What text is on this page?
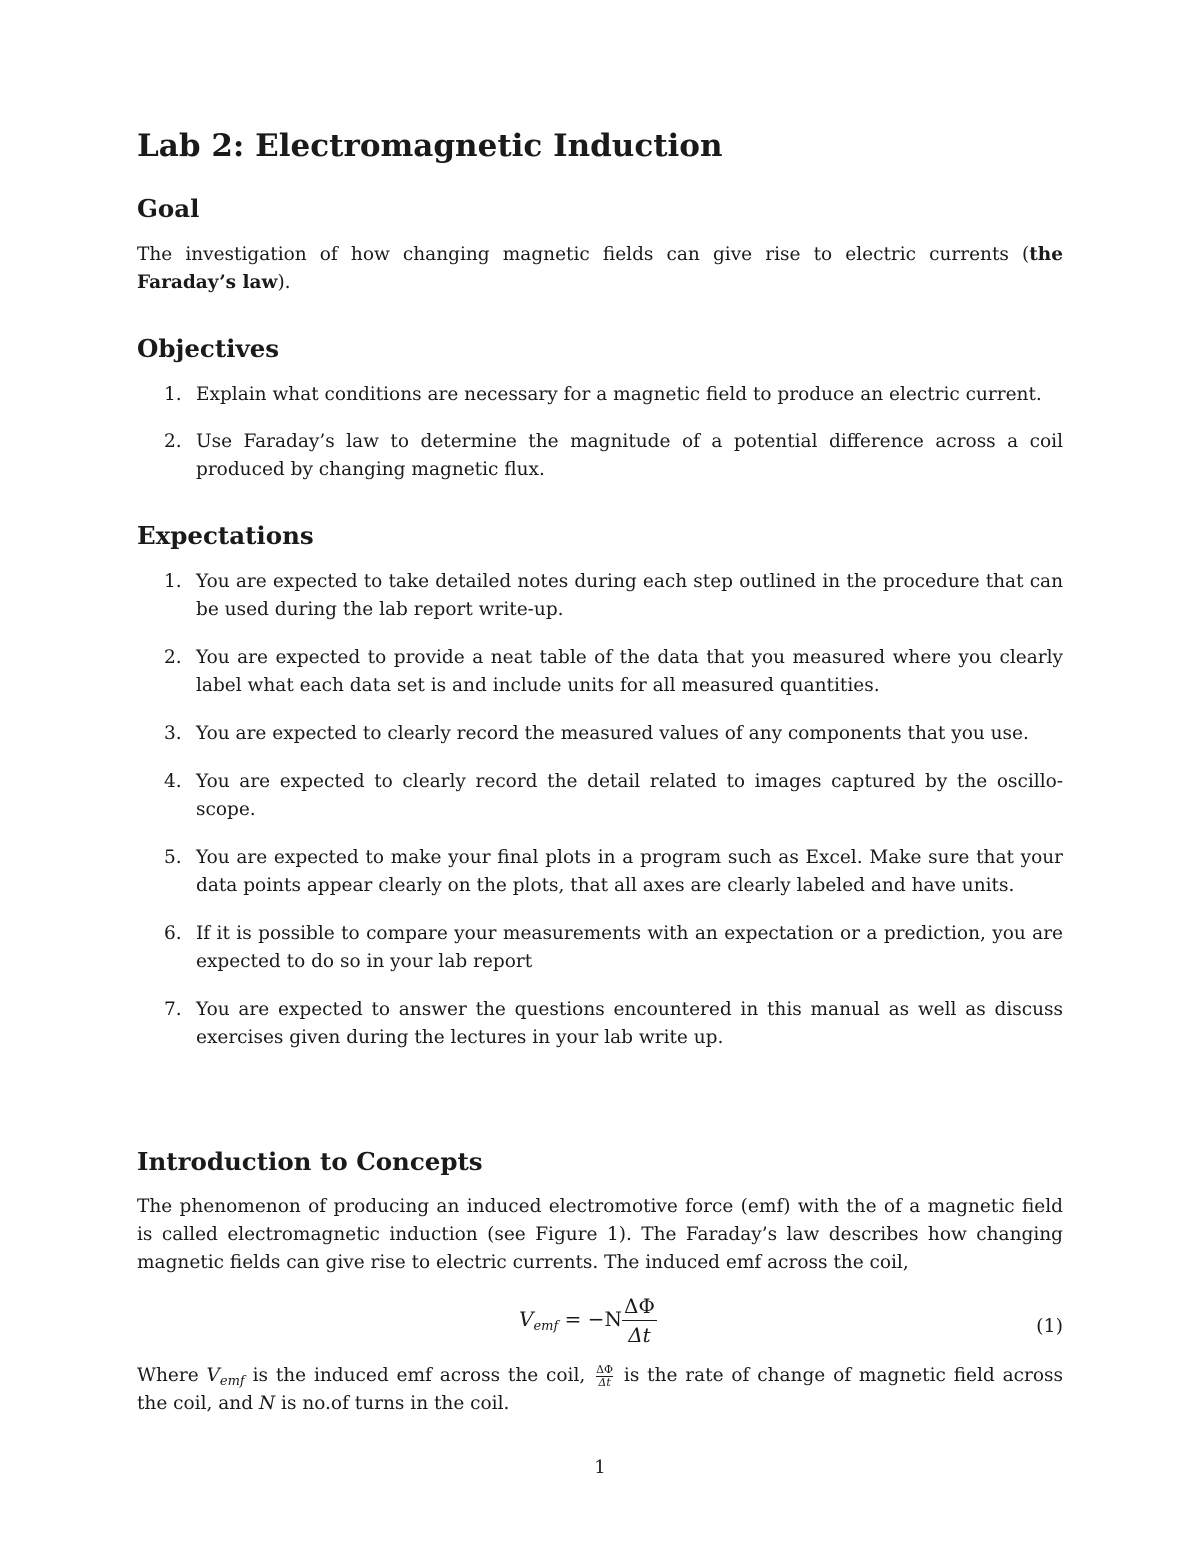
Lab 2: Electromagnetic Induction
Goal

The investigation of how changing magnetic fields can give rise to electric currents (the Faraday’s law).

Objectives
1. Explain what conditions are necessary for a magnetic field to produce an electric current.
2. Use Faraday’s law to determine the magnitude of a potential difference across a coil produced by changing magnetic flux.
Expectations
1. You are expected to take detailed notes during each step outlined in the procedure that can be used during the lab report write-up.
2. You are expected to provide a neat table of the data that you measured where you clearly label what each data set is and include units for all measured quantities.
3. You are expected to clearly record the measured values of any components that you use.
4. You are expected to clearly record the detail related to images captured by the oscillo-scope.
5. You are expected to make your final plots in a program such as Excel. Make sure that your data points appear clearly on the plots, that all axes are clearly labeled and have units.
6. If it is possible to compare your measurements with an expectation or a prediction, you are expected to do so in your lab report
7. You are expected to answer the questions encountered in this manual as well as discuss exercises given during the lectures in your lab write up.
Introduction to Concepts

The phenomenon of producing an induced electromotive force (emf) with the of a magnetic field is called electromagnetic induction (see Figure 1). The Faraday’s law describes how changing magnetic fields can give rise to electric currents. The induced emf across the coil,

$V_{emf} = -N \frac{\Delta\Phi}{\Delta t}$	(1)

Where $V_{emf}$ is the induced emf across the coil, $\frac{\Delta\Phi}{\Delta t}$ is the rate of change of magnetic field across the coil, and N is no.of turns in the coil.

1
